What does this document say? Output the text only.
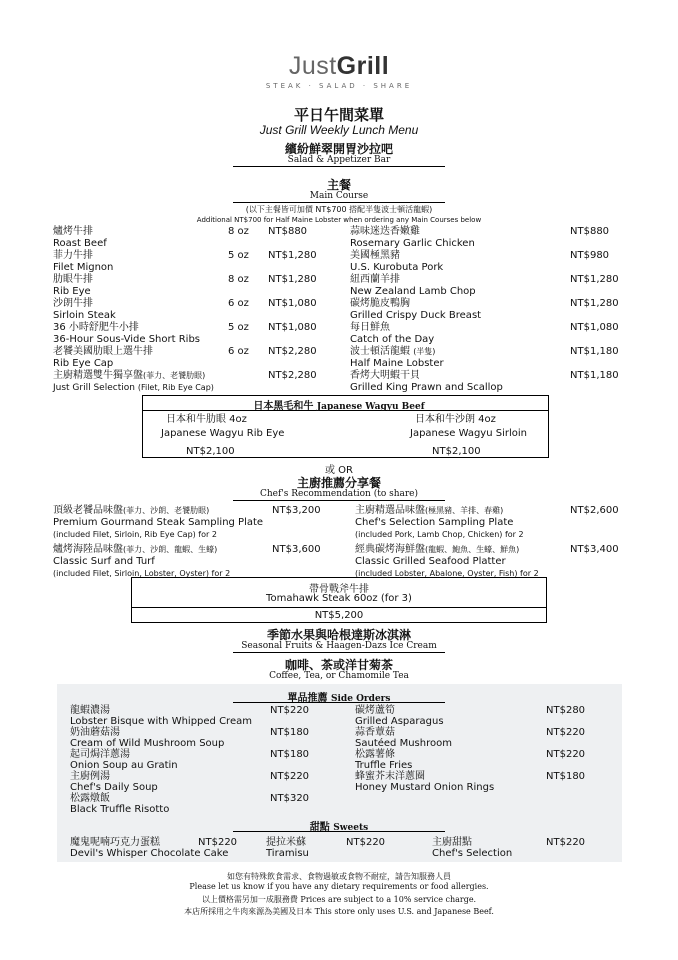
JustGrill
STEAK · SALAD · SHARE
平日午間菜單
Just Grill Weekly Lunch Menu
繽紛鮮翠開胃沙拉吧
Salad & Appetizer Bar
主餐
Main Course
(以下主餐皆可加價 NT$700 搭配半隻波士頓活龍蝦)
Additional NT$700 for Half Maine Lobster when ordering any Main Courses below
爐烤牛排
Roast Beef
8 oz NT$880
菲力牛排
Filet Mignon
5 oz NT$1,280
肋眼牛排
Rib Eye
8 oz NT$1,280
沙朗牛排
Sirloin Steak
6 oz NT$1,080
36 小時舒肥牛小排
36-Hour Sous-Vide Short Ribs
5 oz NT$1,080
老饕美國肋眼上選牛排
Rib Eye Cap
6 oz NT$2,280
主廚精選雙牛獨享盤(菲力、老饕肋眼)
Just Grill Selection (Filet, Rib Eye Cap)
NT$2,280
蒜味迷迭香嫩雞
Rosemary Garlic Chicken
NT$880
美國極黑豬
U.S. Kurobuta Pork
NT$980
紐西蘭羊排
New Zealand Lamb Chop
NT$1,280
碳烤脆皮鴨胸
Grilled Crispy Duck Breast
NT$1,280
每日鮮魚
Catch of the Day
NT$1,080
波士頓活龍蝦 (半隻)
Half Maine Lobster
NT$1,180
香烤大明蝦干貝
Grilled King Prawn and Scallop
NT$1,180
日本黑毛和牛 Japanese Wagyu Beef
日本和牛肋眼 4oz
Japanese Wagyu Rib Eye
NT$2,100
日本和牛沙朗 4oz
Japanese Wagyu Sirloin
NT$2,100
或 OR
主廚推薦分享餐
Chef's Recommendation (to share)
頂級老饕品味盤(菲力、沙朗、老饕肋眼)
Premium Gourmand Steak Sampling Plate
(included Filet, Sirloin, Rib Eye Cap) for 2
NT$3,200	主廚精選品味盤(極黑豬、羊排、春雞)
Chef's Selection Sampling Plate
(included Pork, Lamb Chop, Chicken) for 2
NT$2,600
爐烤海陸品味盤(菲力、沙朗、龍蝦、生蠔)
Classic Surf and Turf
(included Filet, Sirloin, Lobster, Oyster) for 2
NT$3,600	經典碳烤海鮮盤(龍蝦、鮑魚、生蠔、鮮魚)
Classic Grilled Seafood Platter
(included Lobster, Abalone, Oyster, Fish) for 2
NT$3,400
帶骨戰斧牛排
Tomahawk Steak 60oz (for 3)
NT$5,200
季節水果與哈根達斯冰淇淋
Seasonal Fruits & Haagen-Dazs Ice Cream
咖啡、茶或洋甘菊茶
Coffee, Tea, or Chamomile Tea
單品推薦 Side Orders
龍蝦濃湯
Lobster Bisque with Whipped Cream
NT$220
奶油蘑菇湯
Cream of Wild Mushroom Soup
NT$180
起司焗洋蔥湯
Onion Soup au Gratin
NT$180
主廚例湯
Chef's Daily Soup
NT$220
松露燉飯
Black Truffle Risotto
NT$320
碳烤蘆筍
Grilled Asparagus
NT$280
蒜香蕈菇
Sautéed Mushroom
NT$220
松露薯條
Truffle Fries
NT$220
蜂蜜芥末洋蔥圈
Honey Mustard Onion Rings
NT$180
甜點 Sweets
魔鬼呢喃巧克力蛋糕
Devil's Whisper Chocolate Cake
NT$220	提拉米蘇
Tiramisu
NT$220	主廚甜點
Chef's Selection
NT$220
如您有特殊飲食需求、食物過敏或食物不耐症，請告知服務人員
Please let us know if you have any dietary requirements or food allergies.
以上價格需另加一成服務費 Prices are subject to a 10% service charge.
本店所採用之牛肉來源為美國及日本 This store only uses U.S. and Japanese Beef.
